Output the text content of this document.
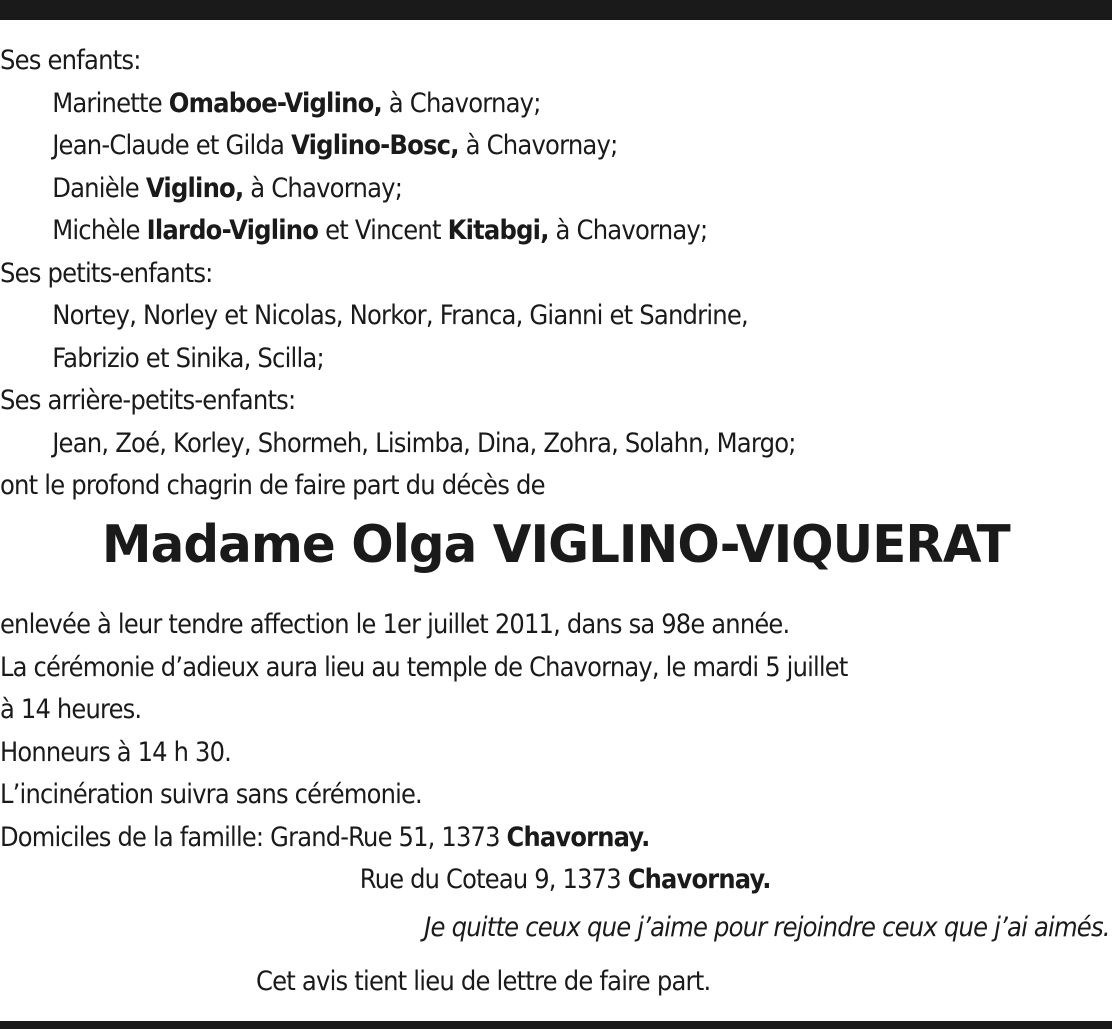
Ses enfants:
Marinette Omaboe-Viglino, à Chavornay;
Jean-Claude et Gilda Viglino-Bosc, à Chavornay;
Danièle Viglino, à Chavornay;
Michèle Ilardo-Viglino et Vincent Kitabgi, à Chavornay;
Ses petits-enfants:
Nortey, Norley et Nicolas, Norkor, Franca, Gianni et Sandrine,
Fabrizio et Sinika, Scilla;
Ses arrière-petits-enfants:
Jean, Zoé, Korley, Shormeh, Lisimba, Dina, Zohra, Solahn, Margo;
ont le profond chagrin de faire part du décès de
Madame Olga VIGLINO-VIQUERAT
enlevée à leur tendre affection le 1er juillet 2011, dans sa 98e année.
La cérémonie d’adieux aura lieu au temple de Chavornay, le mardi 5 juillet
à 14 heures.
Honneurs à 14 h 30.
L’incinération suivra sans cérémonie.
Domiciles de la famille: Grand-Rue 51, 1373 Chavornay.
Rue du Coteau 9, 1373 Chavornay.
Je quitte ceux que j’aime pour rejoindre ceux que j’ai aimés.
Cet avis tient lieu de lettre de faire part.
